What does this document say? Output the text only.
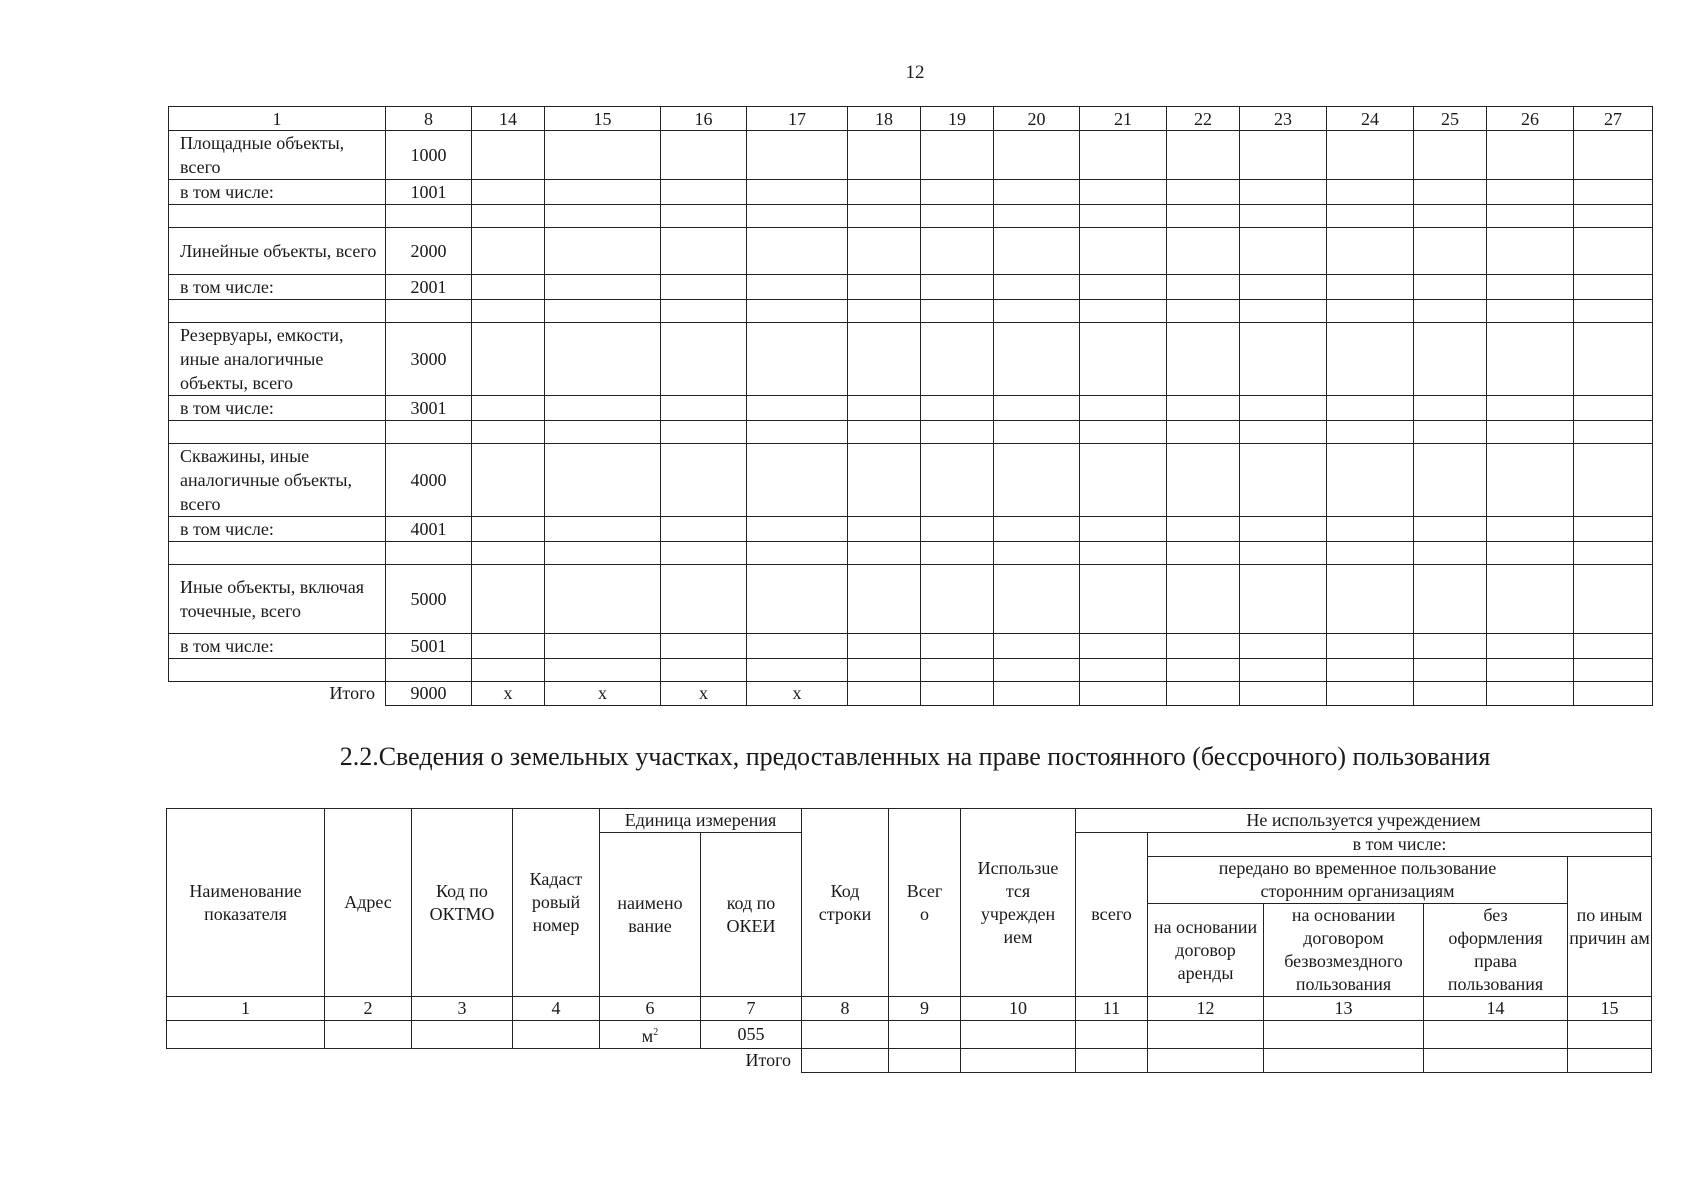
12
1	8	14	15	16	17	18	19	20	21	22	23	24	25	26	27
Площадные объекты, всего	1000														
в том числе:	1001														

Линейные объекты, всего	2000														
в том числе:	2001														

Резервуары, емкости, иные аналогичные объекты, всего	3000														
в том числе:	3001														

Скважины, иные аналогичные объекты, всего	4000														
в том числе:	4001														

Иные объекты, включая точечные, всего	5000														
в том числе:	5001														

Итого	9000	х	х	х	х										
2.2.Сведения о земельных участках, предоставленных на праве постоянного (бессрочного) пользования
Наименование показателя	Адрес	Код по ОКТМО	Кадаст ровый номер	Единица измерения		Код строки	Всег о	Использue тся учрежден ием	Не используется учреждением				
				наимено вание	код по ОКЕИ				всего	в том числе:			
										передано во временное пользование сторонним организациям			по иным причин ам
										на основании договор аренды	на основании договором безвозмездного пользования	без оформления права пользования	

1	2	3	4	6	7	8	9	10	11	12	13	14	15
				$м^2$	055								
Итого													
